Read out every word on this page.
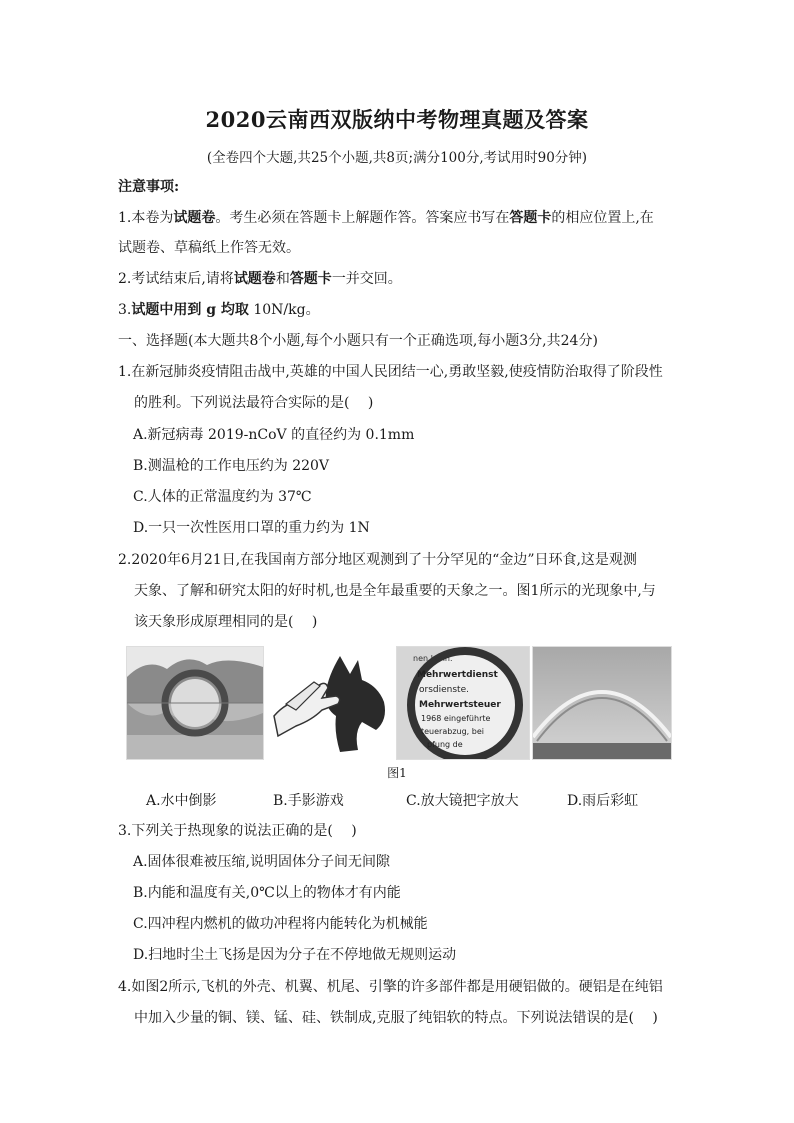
2020云南西双版纳中考物理真题及答案
(全卷四个大题,共25个小题,共8页;满分100分,考试用时90分钟)
注意事项:
1.本卷为试题卷。考生必须在答题卡上解题作答。答案应书写在答题卡的相应位置上,在
试题卷、草稿纸上作答无效。
2.考试结束后,请将试题卷和答题卡一并交回。
3.试题中用到 g 均取 10N/kg。
一、选择题(本大题共8个小题,每个小题只有一个正确选项,每小题3分,共24分)
1.在新冠肺炎疫情阻击战中,英雄的中国人民团结一心,勇敢坚毅,使疫情防治取得了阶段性
的胜利。下列说法最符合实际的是(　 )
A.新冠病毒 2019-nCoV 的直径约为 0.1mm
B.测温枪的工作电压约为 220V
C.人体的正常温度约为 37℃
D.一只一次性医用口罩的重力约为 1N
2.2020年6月21日,在我国南方部分地区观测到了十分罕见的“金边”日环食,这是观测
天象、了解和研究太阳的好时机,也是全年最重要的天象之一。图1所示的光现象中,与
该天象形成原理相同的是(　 )
nen Lohn.
Mehrwertdienst
orsdienste.
Mehrwertsteuer
1968 eingeführte
teuerabzug, bei
pfung de
图1
A.水中倒影	B.手影游戏	C.放大镜把字放大	D.雨后彩虹
3.下列关于热现象的说法正确的是(　 )
A.固体很难被压缩,说明固体分子间无间隙
B.内能和温度有关,0℃以上的物体才有内能
C.四冲程内燃机的做功冲程将内能转化为机械能
D.扫地时尘土飞扬是因为分子在不停地做无规则运动
4.如图2所示,飞机的外壳、机翼、机尾、引擎的许多部件都是用硬铝做的。硬铝是在纯铝
中加入少量的铜、镁、锰、硅、铁制成,克服了纯铝软的特点。下列说法错误的是(　 )
